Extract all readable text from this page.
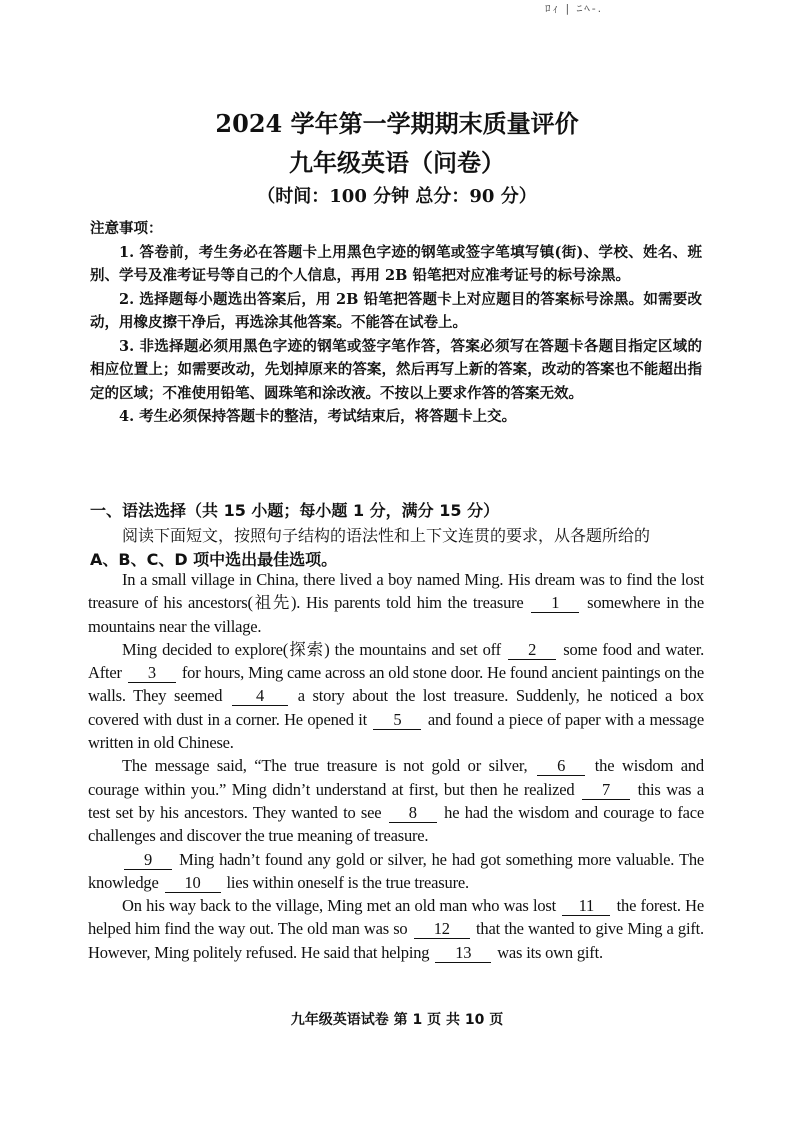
ﾛｨ | ﾆﾍ-.
2024 学年第一学期期末质量评价
九年级英语（问卷）
（时间：100 分钟 总分：90 分）
注意事项：

1. 答卷前，考生务必在答题卡上用黑色字迹的钢笔或签字笔填写镇(街)、学校、姓名、班别、学号及准考证号等自己的个人信息，再用 2B 铅笔把对应准考证号的标号涂黑。

2. 选择题每小题选出答案后，用 2B 铅笔把答题卡上对应题目的答案标号涂黑。如需要改动，用橡皮擦干净后，再选涂其他答案。不能答在试卷上。

3. 非选择题必须用黑色字迹的钢笔或签字笔作答，答案必须写在答题卡各题目指定区域的相应位置上；如需要改动，先划掉原来的答案，然后再写上新的答案，改动的答案也不能超出指定的区域；不准使用铅笔、圆珠笔和涂改液。不按以上要求作答的答案无效。

4. 考生必须保持答题卡的整洁，考试结束后，将答题卡上交。

一、语法选择（共 15 小题；每小题 1 分，满分 15 分）

阅读下面短文，按照句子结构的语法性和上下文连贯的要求，从各题所给的

A、B、C、D 项中选出最佳选项。

In a small village in China, there lived a boy named Ming. His dream was to find the lost treasure of his ancestors(祖先). His parents told him the treasure 1 somewhere in the mountains near the village.

Ming decided to explore(探索) the mountains and set off 2 some food and water. After 3 for hours, Ming came across an old stone door. He found ancient paintings on the walls. They seemed 4 a story about the lost treasure. Suddenly, he noticed a box covered with dust in a corner. He opened it 5 and found a piece of paper with a message written in old Chinese.

The message said, “The true treasure is not gold or silver, 6 the wisdom and courage within you.” Ming didn’t understand at first, but then he realized 7 this was a test set by his ancestors. They wanted to see 8 he had the wisdom and courage to face challenges and discover the true meaning of treasure.

9 Ming hadn’t found any gold or silver, he had got something more valuable. The knowledge 10 lies within oneself is the true treasure.

On his way back to the village, Ming met an old man who was lost 11 the forest. He helped him find the way out. The old man was so 12 that the wanted to give Ming a gift. However, Ming politely refused. He said that helping 13 was its own gift.

九年级英语试卷 第 1 页 共 10 页
